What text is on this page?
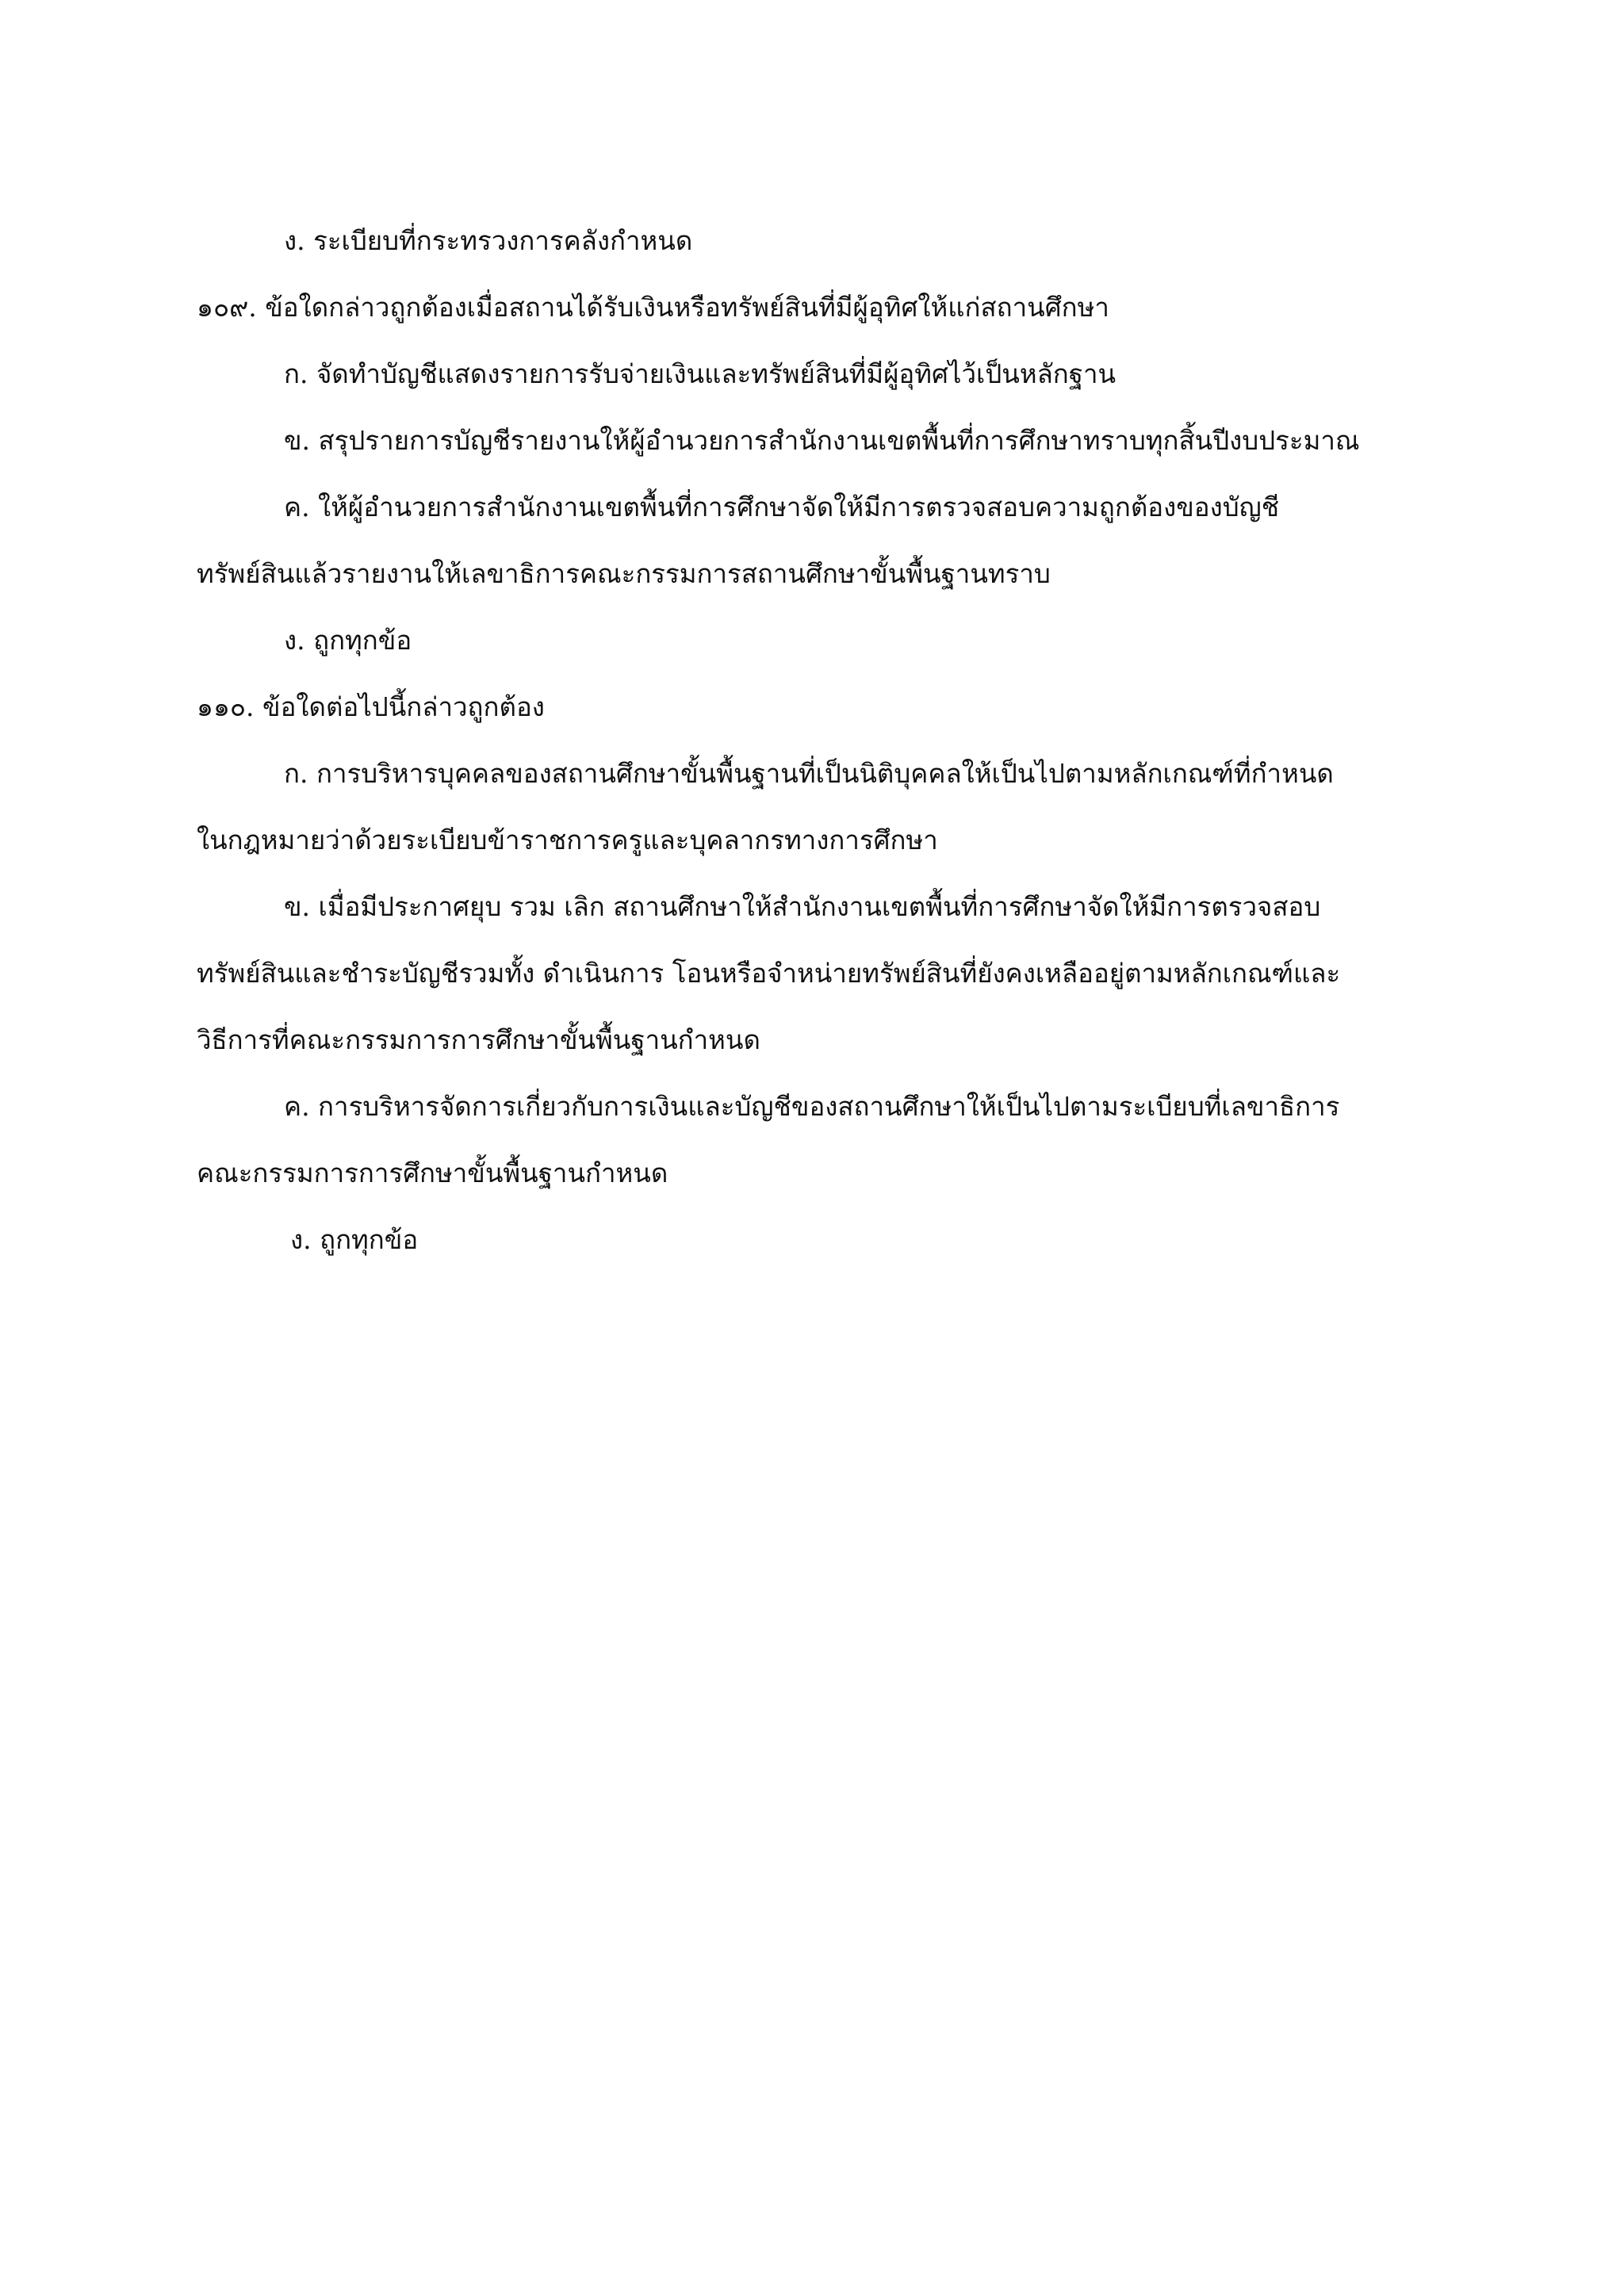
ง. ระเบียบที่กระทรวงการคลังกำหนด
๑๐๙. ข้อใดกล่าวถูกต้องเมื่อสถานได้รับเงินหรือทรัพย์สินที่มีผู้อุทิศให้แก่สถานศึกษา
ก. จัดทำบัญชีแสดงรายการรับจ่ายเงินและทรัพย์สินที่มีผู้อุทิศไว้เป็นหลักฐาน
ข. สรุปรายการบัญชีรายงานให้ผู้อำนวยการสำนักงานเขตพื้นที่การศึกษาทราบทุกสิ้นปีงบประมาณ
ค. ให้ผู้อำนวยการสำนักงานเขตพื้นที่การศึกษาจัดให้มีการตรวจสอบความถูกต้องของบัญชี
ทรัพย์สินแล้วรายงานให้เลขาธิการคณะกรรมการสถานศึกษาขั้นพื้นฐานทราบ
ง. ถูกทุกข้อ
๑๑๐. ข้อใดต่อไปนี้กล่าวถูกต้อง
ก. การบริหารบุคคลของสถานศึกษาขั้นพื้นฐานที่เป็นนิติบุคคลให้เป็นไปตามหลักเกณฑ์ที่กำหนด
ในกฎหมายว่าด้วยระเบียบข้าราชการครูและบุคลากรทางการศึกษา
ข. เมื่อมีประกาศยุบ รวม เลิก สถานศึกษาให้สำนักงานเขตพื้นที่การศึกษาจัดให้มีการตรวจสอบ
ทรัพย์สินและชำระบัญชีรวมทั้ง ดำเนินการ โอนหรือจำหน่ายทรัพย์สินที่ยังคงเหลืออยู่ตามหลักเกณฑ์และ
วิธีการที่คณะกรรมการการศึกษาขั้นพื้นฐานกำหนด
ค. การบริหารจัดการเกี่ยวกับการเงินและบัญชีของสถานศึกษาให้เป็นไปตามระเบียบที่เลขาธิการ
คณะกรรมการการศึกษาขั้นพื้นฐานกำหนด
ง. ถูกทุกข้อ
